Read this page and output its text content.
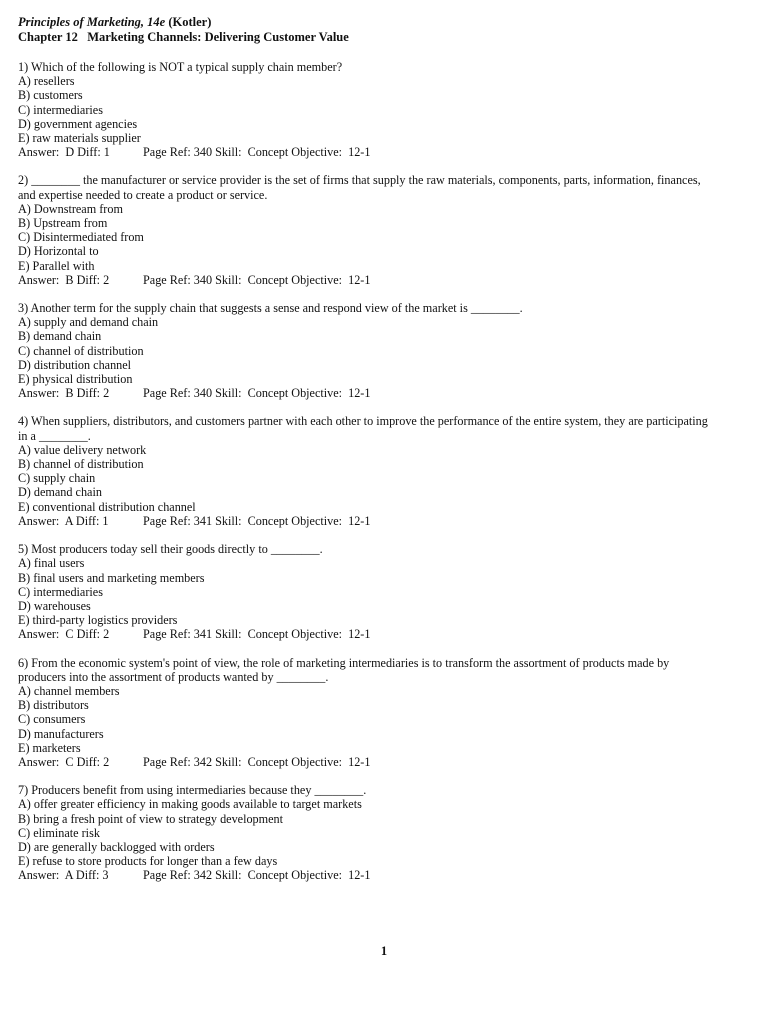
Principles of Marketing, 14e (Kotler)
Chapter 12   Marketing Channels: Delivering Customer Value
1) Which of the following is NOT a typical supply chain member?
A) resellers
B) customers
C) intermediaries
D) government agencies
E) raw materials supplier
Answer:  D Diff: 1	Page Ref: 340 Skill:  Concept Objective:  12-1
2) ________ the manufacturer or service provider is the set of firms that supply the raw materials, components, parts, information, finances, and expertise needed to create a product or service.
A) Downstream from
B) Upstream from
C) Disintermediated from
D) Horizontal to
E) Parallel with
Answer:  B Diff: 2	Page Ref: 340 Skill:  Concept Objective:  12-1
3) Another term for the supply chain that suggests a sense and respond view of the market is ________.
A) supply and demand chain
B) demand chain
C) channel of distribution
D) distribution channel
E) physical distribution
Answer:  B Diff: 2	Page Ref: 340 Skill:  Concept Objective:  12-1
4) When suppliers, distributors, and customers partner with each other to improve the performance of the entire system, they are participating in a ________.
A) value delivery network
B) channel of distribution
C) supply chain
D) demand chain
E) conventional distribution channel
Answer:  A Diff: 1	Page Ref: 341 Skill:  Concept Objective:  12-1
5) Most producers today sell their goods directly to ________.
A) final users
B) final users and marketing members
C) intermediaries
D) warehouses
E) third-party logistics providers
Answer:  C Diff: 2	Page Ref: 341 Skill:  Concept Objective:  12-1
6) From the economic system's point of view, the role of marketing intermediaries is to transform the assortment of products made by producers into the assortment of products wanted by ________.
A) channel members
B) distributors
C) consumers
D) manufacturers
E) marketers
Answer:  C Diff: 2	Page Ref: 342 Skill:  Concept Objective:  12-1
7) Producers benefit from using intermediaries because they ________.
A) offer greater efficiency in making goods available to target markets
B) bring a fresh point of view to strategy development
C) eliminate risk
D) are generally backlogged with orders
E) refuse to store products for longer than a few days
Answer:  A Diff: 3	Page Ref: 342 Skill:  Concept Objective:  12-1
1
